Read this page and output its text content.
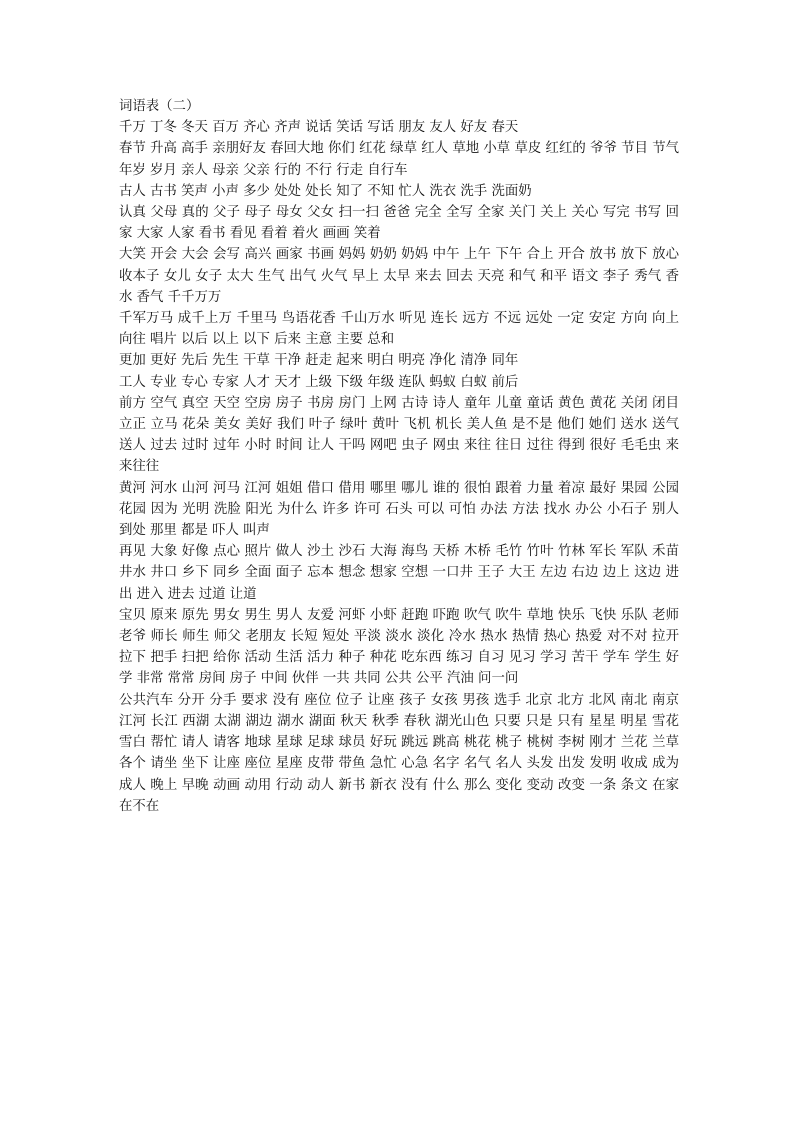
词语表（二）

千万 丁冬 冬天 百万 齐心 齐声 说话 笑话 写话 朋友 友人 好友 春天

春节 升高 高手 亲朋好友 春回大地 你们 红花 绿草 红人 草地 小草 草皮 红红的 爷爷 节目 节气 年岁 岁月 亲人 母亲 父亲 行的 不行 行走 自行车

古人 古书 笑声 小声 多少 处处 处长 知了 不知 忙人 洗衣 洗手 洗面奶

认真 父母 真的 父子 母子 母女 父女 扫一扫 爸爸 完全 全写 全家 关门 关上 关心 写完 书写 回家 大家 人家 看书 看见 看着 着火 画画 笑着

大笑 开会 大会 会写 高兴 画家 书画 妈妈 奶奶 奶妈 中午 上午 下午 合上 开合 放书 放下 放心 收本子 女儿 女子 太大 生气 出气 火气 早上 太早 来去 回去 天亮 和气 和平 语文 李子 秀气 香水 香气 千千万万

千军万马 成千上万 千里马 鸟语花香 千山万水 听见 连长 远方 不远 远处 一定 安定 方向 向上 向往 唱片 以后 以上 以下 后来 主意 主要 总和

更加 更好 先后 先生 干草 干净 赶走 起来 明白 明亮 净化 清净 同年

工人 专业 专心 专家 人才 天才 上级 下级 年级 连队 蚂蚁 白蚁 前后

前方 空气 真空 天空 空房 房子 书房 房门 上网 古诗 诗人 童年 儿童 童话 黄色 黄花 关闭 闭目 立正 立马 花朵 美女 美好 我们 叶子 绿叶 黄叶 飞机 机长 美人鱼 是不是 他们 她们 送水 送气 送人 过去 过时 过年 小时 时间 让人 干吗 网吧 虫子 网虫 来往 往日 过往 得到 很好 毛毛虫 来来往往

黄河 河水 山河 河马 江河 姐姐 借口 借用 哪里 哪儿 谁的 很怕 跟着 力量 着凉 最好 果园 公园 花园 因为 光明 洗脸 阳光 为什么 许多 许可 石头 可以 可怕 办法 方法 找水 办公 小石子 别人 到处 那里 都是 吓人 叫声

再见 大象 好像 点心 照片 做人 沙土 沙石 大海 海鸟 天桥 木桥 毛竹 竹叶 竹林 军长 军队 禾苗 井水 井口 乡下 同乡 全面 面子 忘本 想念 想家 空想 一口井 王子 大王 左边 右边 边上 这边 进出 进入 进去 过道 让道

宝贝 原来 原先 男女 男生 男人 友爱 河虾 小虾 赶跑 吓跑 吹气 吹牛 草地 快乐 飞快 乐队 老师 老爷 师长 师生 师父 老朋友 长短 短处 平淡 淡水 淡化 冷水 热水 热情 热心 热爱 对不对 拉开 拉下 把手 扫把 给你 活动 生活 活力 种子 种花 吃东西 练习 自习 见习 学习 苦干 学车 学生 好学 非常 常常 房间 房子 中间 伙伴 一共 共同 公共 公平 汽油 问一问

公共汽车 分开 分手 要求 没有 座位 位子 让座 孩子 女孩 男孩 选手 北京 北方 北风 南北 南京 江河 长江 西湖 太湖 湖边 湖水 湖面 秋天 秋季 春秋 湖光山色 只要 只是 只有 星星 明星 雪花 雪白 帮忙 请人 请客 地球 星球 足球 球员 好玩 跳远 跳高 桃花 桃子 桃树 李树 刚才 兰花 兰草 各个 请坐 坐下 让座 座位 星座 皮带 带鱼 急忙 心急 名字 名气 名人 头发 出发 发明 收成 成为 成人 晚上 早晚 动画 动用 行动 动人 新书 新衣 没有 什么 那么 变化 变动 改变 一条 条文 在家 在不在
